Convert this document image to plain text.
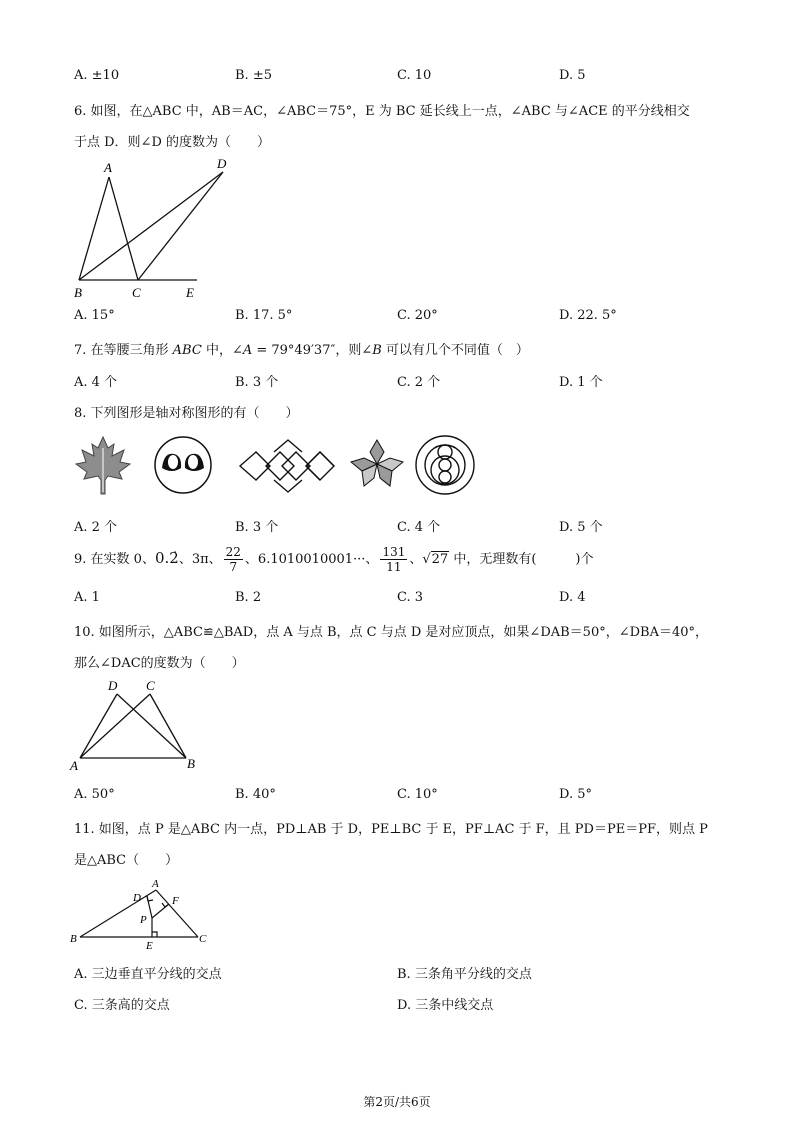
A. ±10	B. ±5	C. 10	D. 5
6. 如图，在△ABC 中，AB＝AC，∠ABC＝75°，E 为 BC 延长线上一点，∠ABC 与∠ACE 的平分线相交
于点 D．则∠D 的度数为（　　）
A	D
B	C	E
A. 15°	B. 17. 5°	C. 20°	D. 22. 5°
7. 在等腰三角形 ABC 中，∠A = 79°49′37″，则∠B 可以有几个不同值（　）
A. 4 个	B. 3 个	C. 2 个	D. 1 个
8. 下列图形是轴对称图形的有（　　）
A. 2 个	B. 3 个	C. 4 个	D. 5 个
9. 在实数 0、0.2̇、3π、 $\frac{22}{7}$ 、6.1010010001···、 $\frac{131}{11}$ 、√27 中，无理数有(　　　)个
A. 1	B. 2	C. 3	D. 4
10. 如图所示，△ABC≌△BAD，点 A 与点 B，点 C 与点 D 是对应顶点，如果∠DAB＝50°，∠DBA＝40°，
那么∠DAC的度数为（　　）
D C
A	B
A. 50°	B. 40°	C. 10°	D. 5°
11. 如图，点 P 是△ABC 内一点，PD⊥AB 于 D，PE⊥BC 于 E，PF⊥AC 于 F，且 PD＝PE＝PF，则点 P
是△ABC（　　）
A
D	F
P
B
E
C
A. 三边垂直平分线的交点	B. 三条角平分线的交点
C. 三条高的交点	D. 三条中线交点
第2页/共6页
